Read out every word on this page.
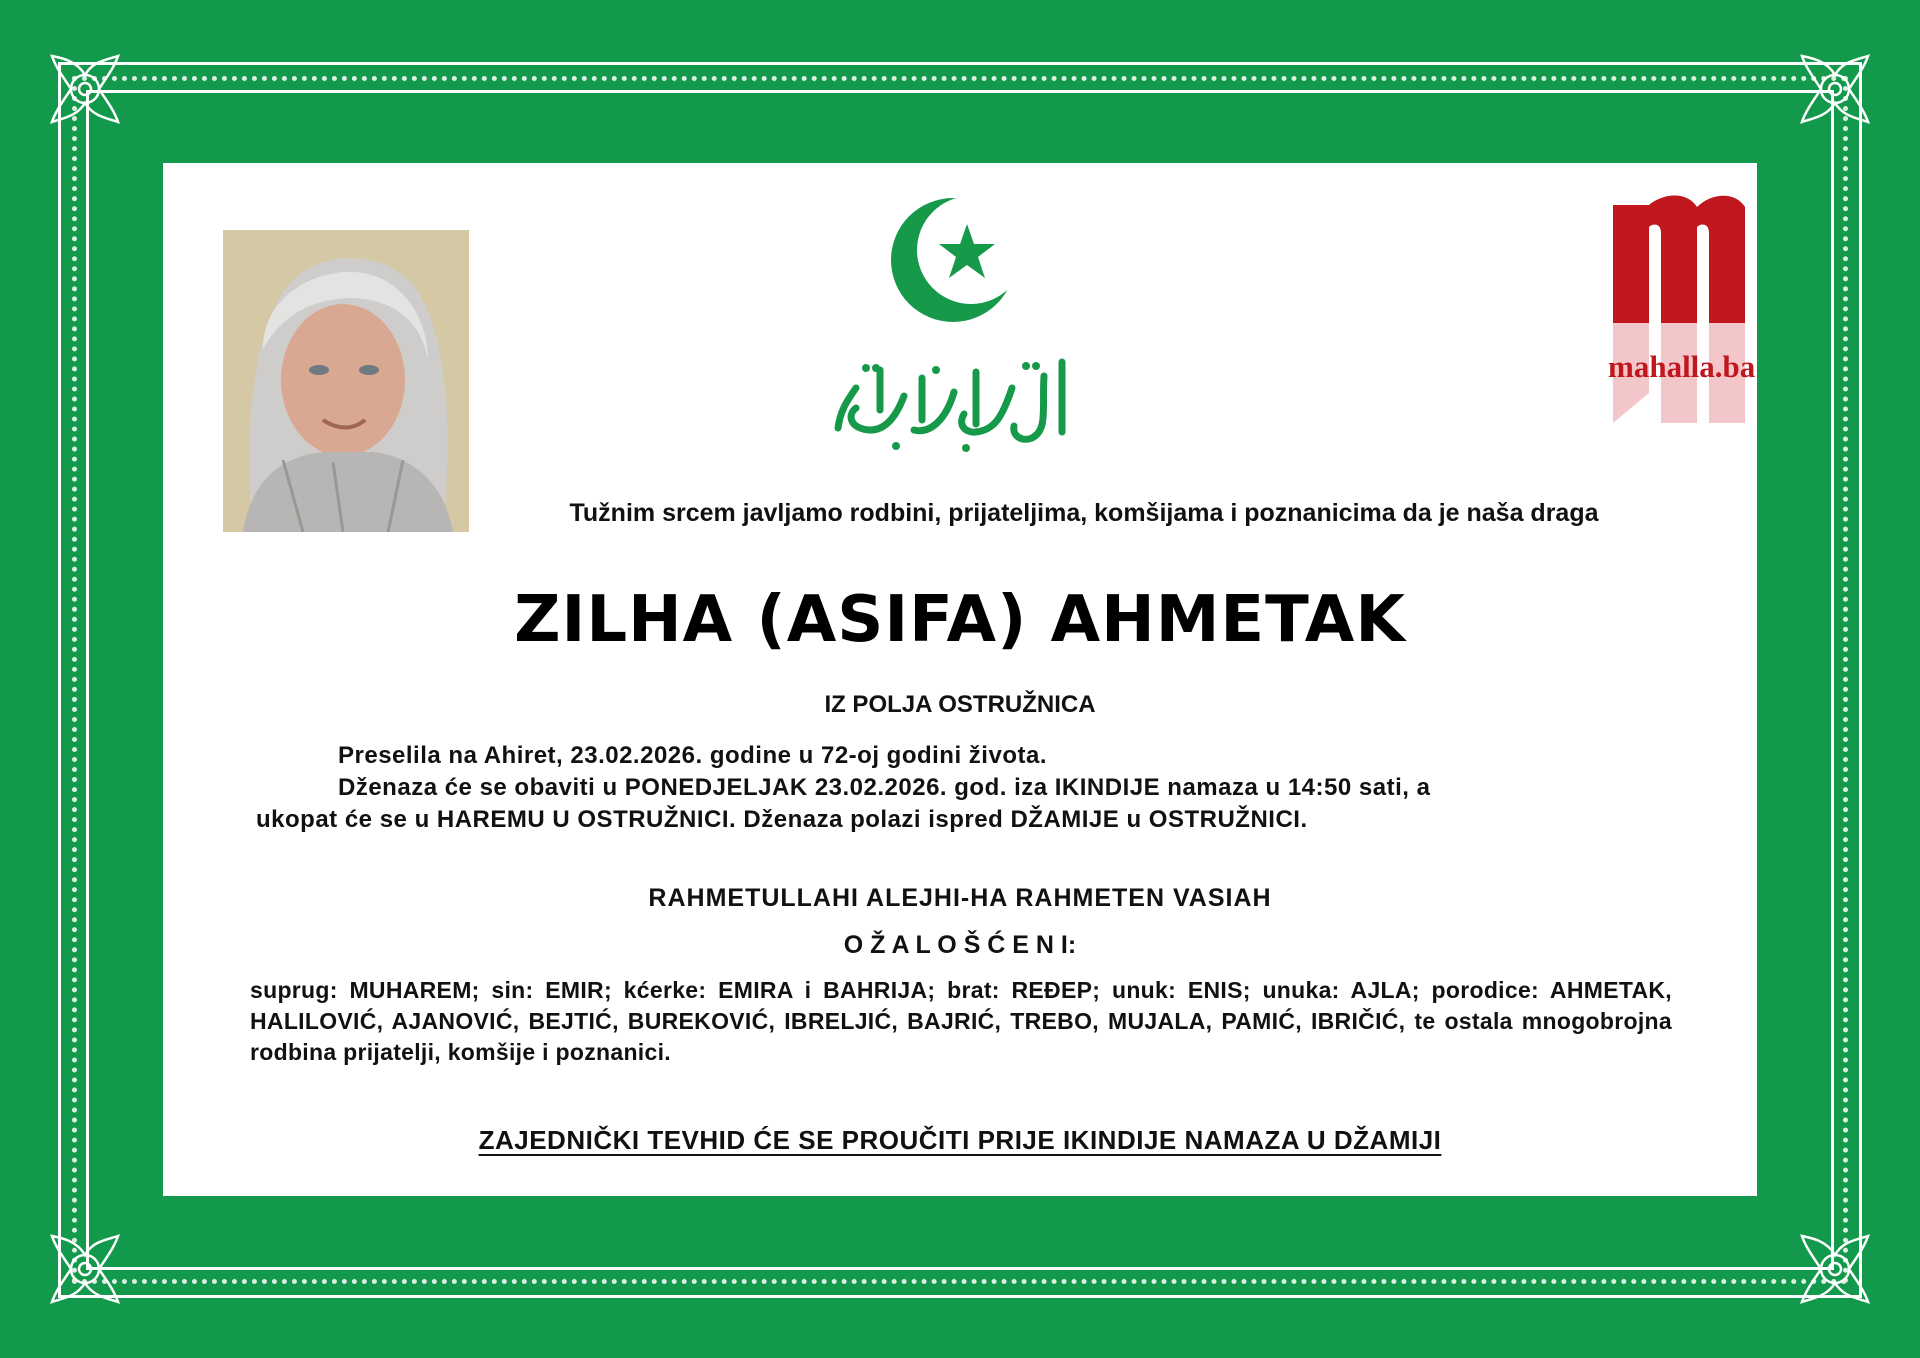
mahalla.ba
Tužnim srcem javljamo rodbini, prijateljima, komšijama i poznanicima da je naša draga
ZILHA (ASIFA) AHMETAK
IZ POLJA OSTRUŽNICA
Preselila na Ahiret, 23.02.2026. godine u 72-oj godini života.
Dženaza će se obaviti u PONEDJELJAK 23.02.2026. god. iza IKINDIJE namaza u 14:50 sati, a
ukopat će se u HAREMU U OSTRUŽNICI. Dženaza polazi ispred DŽAMIJE u OSTRUŽNICI.
RAHMETULLAHI ALEJHI-HA RAHMETEN VASIAH
O Ž A L O Š Ć E N I:
suprug: MUHAREM; sin: EMIR; kćerke: EMIRA i BAHRIJA; brat: REĐEP; unuk: ENIS; unuka: AJLA; porodice: AHMETAK, HALILOVIĆ, AJANOVIĆ, BEJTIĆ, BUREKOVIĆ, IBRELJIĆ, BAJRIĆ, TREBO, MUJALA, PAMIĆ, IBRIČIĆ, te ostala mnogobrojna rodbina prijatelji, komšije i poznanici.
ZAJEDNIČKI TEVHID ĆE SE PROUČITI PRIJE IKINDIJE NAMAZA U DŽAMIJI
